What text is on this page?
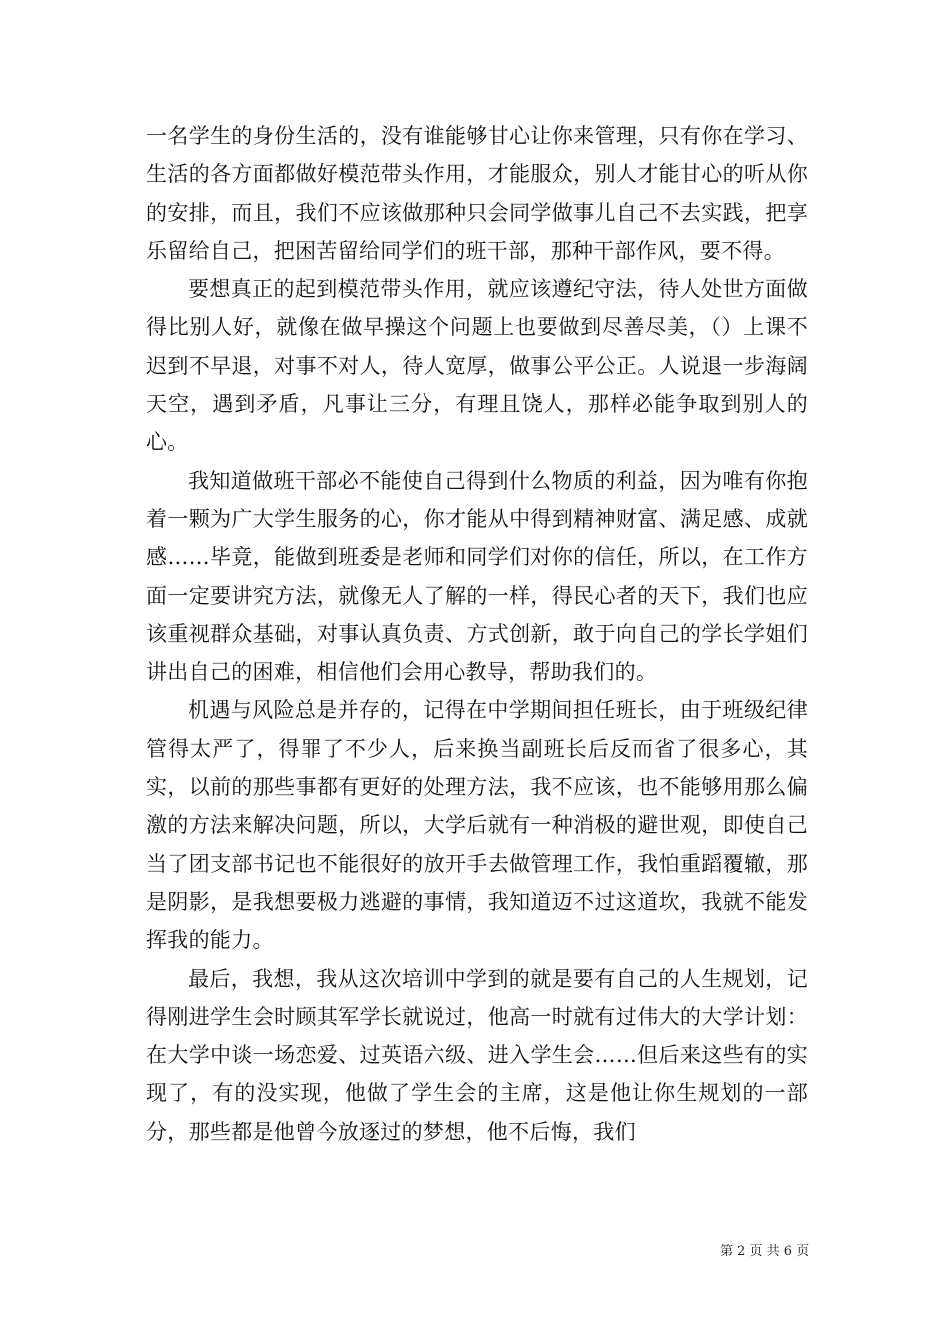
一名学生的身份生活的，没有谁能够甘心让你来管理，只有你在学习、生活的各方面都做好模范带头作用，才能服众，别人才能甘心的听从你的安排，而且，我们不应该做那种只会同学做事儿自己不去实践，把享乐留给自己，把困苦留给同学们的班干部，那种干部作风，要不得。

要想真正的起到模范带头作用，就应该遵纪守法，待人处世方面做得比别人好，就像在做早操这个问题上也要做到尽善尽美，（）上课不迟到不早退，对事不对人，待人宽厚，做事公平公正。人说退一步海阔天空，遇到矛盾，凡事让三分，有理且饶人，那样必能争取到别人的心。

我知道做班干部必不能使自己得到什么物质的利益，因为唯有你抱着一颗为广大学生服务的心，你才能从中得到精神财富、满足感、成就感……毕竟，能做到班委是老师和同学们对你的信任，所以，在工作方面一定要讲究方法，就像无人了解的一样，得民心者的天下，我们也应该重视群众基础，对事认真负责、方式创新，敢于向自己的学长学姐们讲出自己的困难，相信他们会用心教导，帮助我们的。

机遇与风险总是并存的，记得在中学期间担任班长，由于班级纪律管得太严了，得罪了不少人，后来换当副班长后反而省了很多心，其实，以前的那些事都有更好的处理方法，我不应该，也不能够用那么偏激的方法来解决问题，所以，大学后就有一种消极的避世观，即使自己当了团支部书记也不能很好的放开手去做管理工作，我怕重蹈覆辙，那是阴影，是我想要极力逃避的事情，我知道迈不过这道坎，我就不能发挥我的能力。

最后，我想，我从这次培训中学到的就是要有自己的人生规划，记得刚进学生会时顾其军学长就说过，他高一时就有过伟大的大学计划：在大学中谈一场恋爱、过英语六级、进入学生会……但后来这些有的实现了，有的没实现，他做了学生会的主席，这是他让你生规划的一部分，那些都是他曾今放逐过的梦想，他不后悔，我们

第 2 页 共 6 页
